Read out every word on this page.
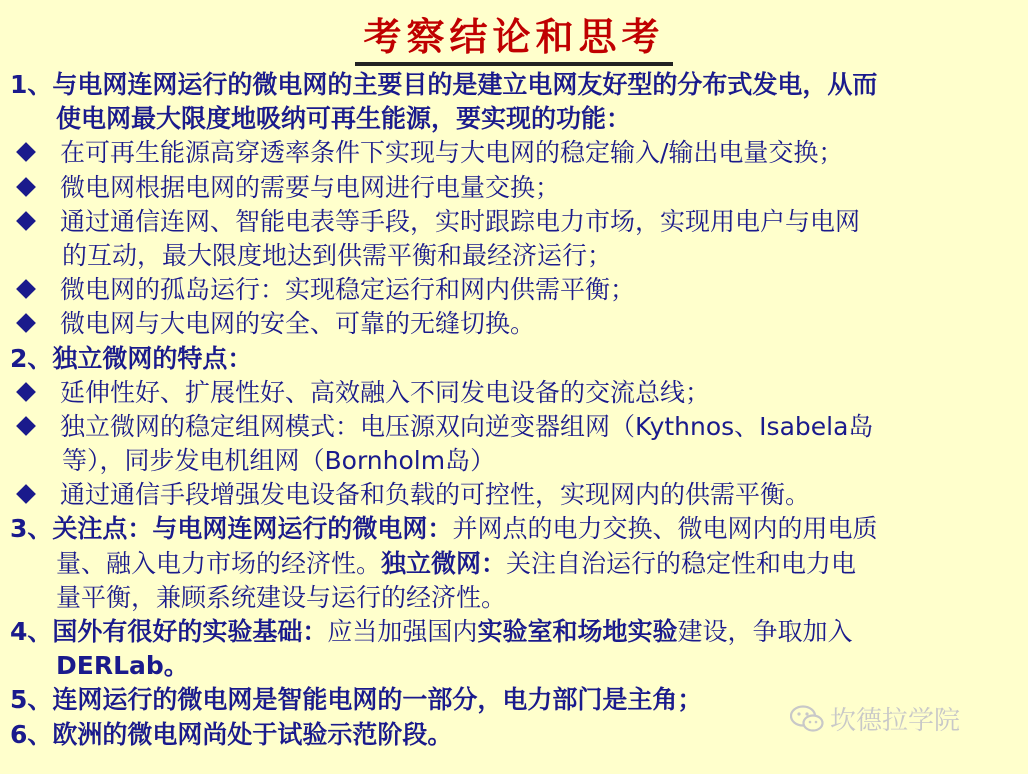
考察结论和思考
1、与电网连网运行的微电网的主要目的是建立电网友好型的分布式发电，从而
使电网最大限度地吸纳可再生能源，要实现的功能：
在可再生能源高穿透率条件下实现与大电网的稳定输入/输出电量交换；
微电网根据电网的需要与电网进行电量交换；
通过通信连网、智能电表等手段，实时跟踪电力市场，实现用电户与电网
的互动，最大限度地达到供需平衡和最经济运行；
微电网的孤岛运行：实现稳定运行和网内供需平衡；
微电网与大电网的安全、可靠的无缝切换。
2、独立微网的特点：
延伸性好、扩展性好、高效融入不同发电设备的交流总线；
独立微网的稳定组网模式：电压源双向逆变器组网（Kythnos、Isabela岛
等），同步发电机组网（Bornholm岛）
通过通信手段增强发电设备和负载的可控性，实现网内的供需平衡。
3、关注点：与电网连网运行的微电网：并网点的电力交换、微电网内的用电质
量、融入电力市场的经济性。独立微网：关注自治运行的稳定性和电力电
量平衡，兼顾系统建设与运行的经济性。
4、国外有很好的实验基础：应当加强国内实验室和场地实验建设，争取加入
DERLab。
5、连网运行的微电网是智能电网的一部分，电力部门是主角；
6、欧洲的微电网尚处于试验示范阶段。	坎德拉学院
